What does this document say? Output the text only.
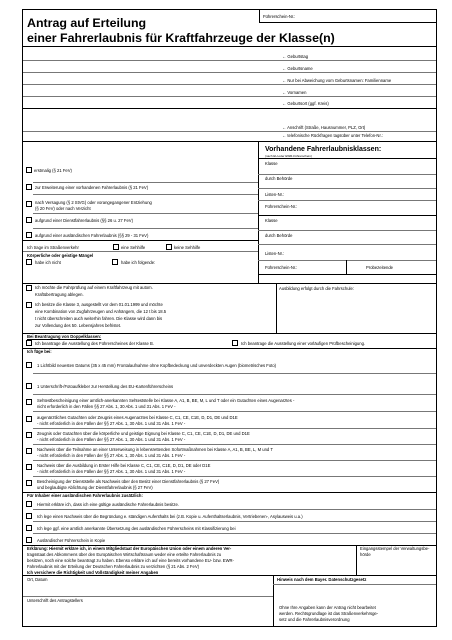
Antrag auf Erteilung
einer Fahrerlaubnis für Kraftfahrzeuge der Klasse(n)
Führerschein-Nr.:
← Geburtstag
← Geburtsname
← Nur bei Abweichung vom Geburtsnamen: Familienname
← Vornamen
← Geburtsort (ggf. Kreis)
← Anschrift (Straße, Hausnummer, PLZ, Ort)
← telefonische Rückfragen tagsüber unter Telefon-Nr.:
erstmalig (§ 21 FeV)
zur Erweiterung einer vorhandenen Fahrerlaubnis (§ 21 FeV)
nach Versagung (§ 2 StVG) oder vorangegangener Entziehung
(§ 20 FeV) oder nach Verzicht
aufgrund einer Dienstfahrerlaubnis (§§ 26 u. 27 FeV)
aufgrund einer ausländischen Fahrerlaubnis (§§ 29 - 31 FeV)
Ich trage im Straßenverkehr	eine Sehhilfe	keine Sehhilfe
Körperliche oder geistige Mängel
habe ich nicht	habe ich folgende:
Vorhandene Fahrerlaubnisklassen:
(nach EU-oder EWR-Führerschein)
Klasse
durch Behörde
Listen-Nr.:
Führerschein-Nr.:
Klasse
durch Behörde
Listen-Nr.:
Führerschein-Nr.:	Probezeitende
Ich möchte die Fahrprüfung auf einem Kraftfahrzeug mit autom.
Kraftübertragung ablegen.
Ich besitze die Klasse 3, ausgestellt vor dem 01.01.1999 und möchte
eine Kombination von Zugfahrzeugen und Anhängern, die 12 t bis 18.5
t nicht überschreiten auch weiterhin fahren. Die Klasse wird dann bis
zur Vollendung des 50. Lebensjahres befristet.
Ausbildung erfolgt durch die Fahrschule:
Bei Beantragung von Doppelklassen:
Ich beantrage die Ausstellung des Führerscheines der Klasse B.	Ich beantrage die Ausstellung einer vorläufigen Prüfbescheinigung.
Ich füge bei:
1 Lichtbild neuesten Datums (35 x 45 mm) Frontalaufnahme ohne Kopfbedeckung und unverdeckten Augen (biometrisches Foto)
1 Unterschrift-/Fotoaufkleber zur Herstellung des EU-Kartenführerscheins
Sehtestbescheinigung einer amtlich-anerkannten Sehteststelle bei Klasse A, A1, B, BE, M, L und T oder ein Gutachten eines Augenarztes -
nicht erforderlich in den Fällen §§ 27 Abs. 1, 30 Abs. 1 und 31 Abs. 1 FeV -
augenärztliches Gutachten oder Zeugnis eines Augenarztes bei Klasse C, C1, CE, C1E, D, D1, DE und D1E
- nicht erforderlich in den Fällen der §§ 27 Abs. 1, 30 Abs. 1 und 31 Abs. 1 FeV -
Zeugnis oder Gutachten über die körperliche und geistige Eignung bei Klasse C, C1, CE, C1E, D, D1, DE und D1E
- nicht erforderlich in den Fällen der §§ 27 Abs. 1, 30 Abs. 1 und 31 Abs. 1 FeV -
Nachweis über die Teilnahme an einer Unterweisung in lebensrettenden Sofortmaßnahmen bei Klasse A, A1, B, BE, L, M und T
- nicht erforderlich in den Fällen der §§ 27 Abs. 1, 30 Abs. 1 und 31 Abs. 1 FeV -
Nachweis über die Ausbildung in Erster Hilfe bei Klasse C, C1, CE, C1E, D, D1, DE oder D1E
- nicht erforderlich in den Fällen der §§ 27 Abs. 1, 30 Abs. 1 und 31 Abs. 1 FeV -
Bescheinigung der Dienststelle als Nachweis über den Besitz einer Dienstfahrerlaubnis (§ 27 FeV)
und beglaubigte Ablichtung der Dienstfahrerlaubnis (§ 27 FeV)
Für Inhaber einer ausländischen Fahrerlaubnis zusätzlich:
Hiermit erkläre ich, dass ich eine gültige ausländische Fahrerlaubnis besitze.
Ich lege einen Nachweis über die Begründung e. ständigen Aufenthalts bei (z.B. Kopie u. Aufenthaltserlaubnis, Vertriebenen-, Asylausweis u.a.)
Ich lege ggf. eine amtlich anerkannte Übersetzung des ausländischen Führerscheins mit Klassifizierung bei
Ausländischer Führerschein in Kopie
Erklärung: Hiermit erkläre ich, in einem Mitgliedstaat der Europäischen Union oder einem anderen Ver-
tragsstaat des Abkommens über den Europäischen Wirtschaftsraum weder eine erteilte Fahrerlaubnis zu
besitzen, noch eine solche beantragt zu haben. Ebenso erkläre ich auf eine bereits vorhandene EU- bzw. EWR-
Fahrerlaubnis mit der Erteilung der Deutschen Fahrerlaubnis zu verzichten (§ 21 Abs. 2 FeV)
Ich versichere die Richtigkeit und Vollständigkeit meiner Angaben
Eingangsstempel der Verwaltungsbe-
hörde
Ort, Datum
Unterschrift des Antragstellers
Hinweis nach dem Bayer. Datenschutzgesetz
Ohne Ihre Angaben kann der Antrag nicht bearbeitet
werden. Rechtsgrundlage ist das Straßenverkehrsge-
setz und die Fahrerlaubnisverordnung
